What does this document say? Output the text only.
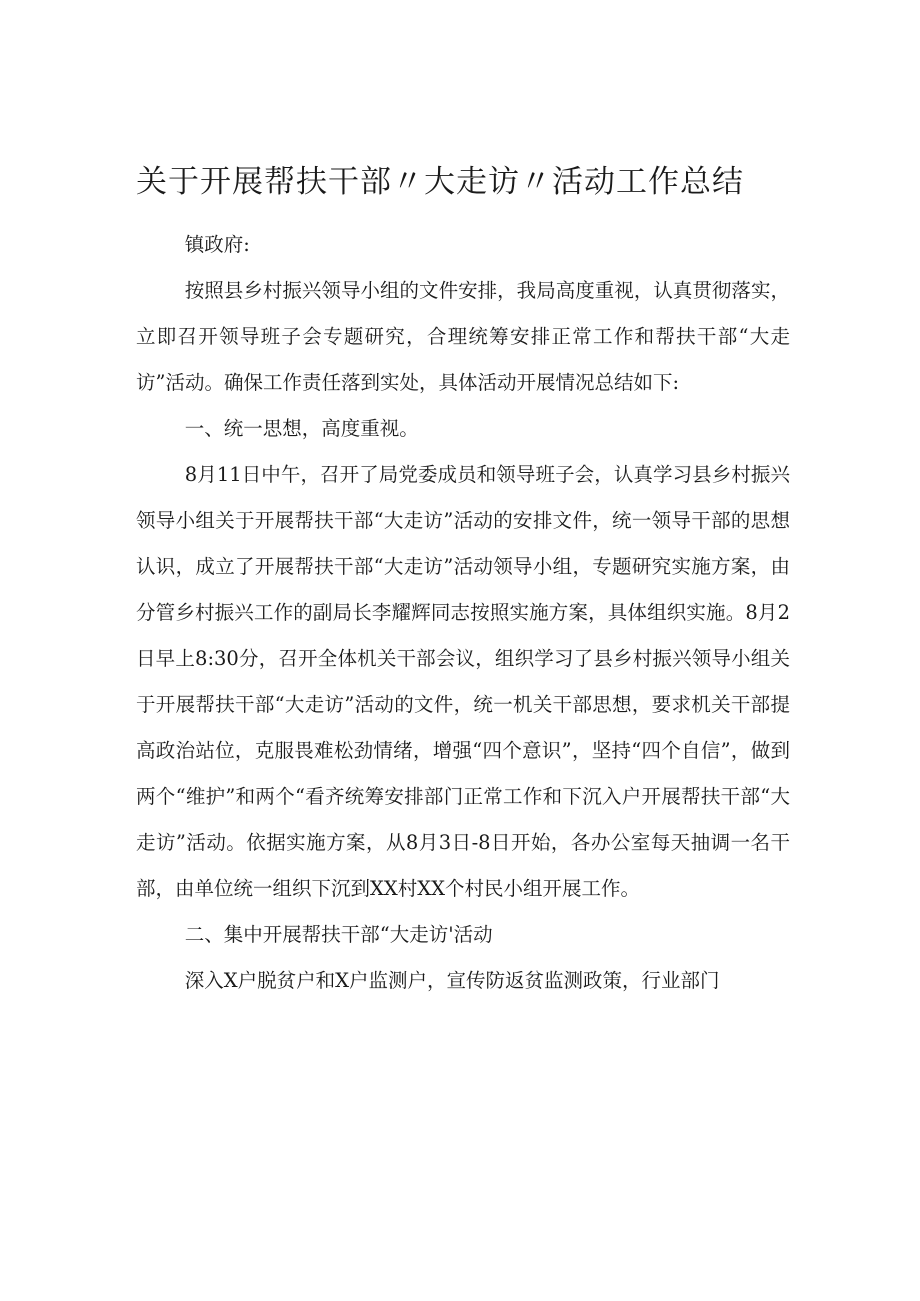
关于开展帮扶干部〃大走访〃活动工作总结

镇政府:

按照县乡村振兴领导小组的文件安排，我局高度重视，认真贯彻落实，立即召开领导班子会专题研究，合理统筹安排正常工作和帮扶干部“大走访”活动。确保工作责任落到实处，具体活动开展情况总结如下:

一、统一思想，高度重视。

8月11日中午，召开了局党委成员和领导班子会，认真学习县乡村振兴领导小组关于开展帮扶干部“大走访”活动的安排文件，统一领导干部的思想认识，成立了开展帮扶干部“大走访”活动领导小组，专题研究实施方案，由分管乡村振兴工作的副局长李耀辉同志按照实施方案，具体组织实施。8月2日早上8:30分，召开全体机关干部会议，组织学习了县乡村振兴领导小组关于开展帮扶干部“大走访”活动的文件，统一机关干部思想，要求机关干部提高政治站位，克服畏难松劲情绪，增强“四个意识”，坚持“四个自信”，做到两个“维护”和两个“看齐统筹安排部门正常工作和下沉入户开展帮扶干部“大走访”活动。依据实施方案，从8月3日-8日开始，各办公室每天抽调一名干部，由单位统一组织下沉到XX村XX个村民小组开展工作。

二、集中开展帮扶干部“大走访'活动

深入X户脱贫户和X户监测户，宣传防返贫监测政策，行业部门
